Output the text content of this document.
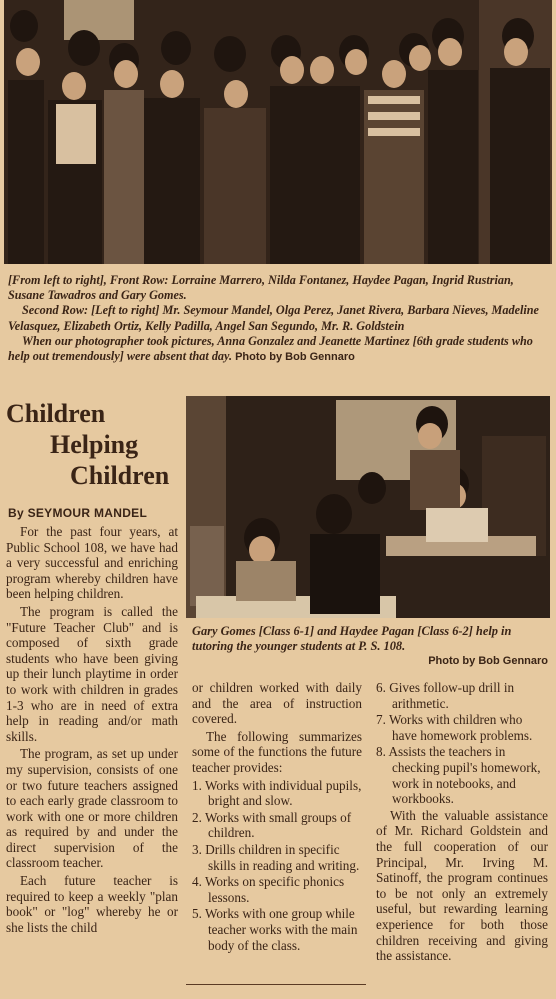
[From left to right], Front Row: Lorraine Marrero, Nilda Fontanez, Haydee Pagan, Ingrid Rustrian, Susane Tawadros and Gary Gomes.

Second Row: [Left to right] Mr. Seymour Mandel, Olga Perez, Janet Rivera, Barbara Nieves, Madeline Velasquez, Elizabeth Ortiz, Kelly Padilla, Angel San Segundo, Mr. R. Goldstein

When our photographer took pictures, Anna Gonzalez and Jeanette Martinez [6th grade students who help out tremendously] were absent that day. Photo by Bob Gennaro

Children
Helping
Children
By SEYMOUR MANDEL
Gary Gomes [Class 6-1] and Haydee Pagan [Class 6-2] help in tutoring the younger students at P. S. 108.
Photo by Bob Gennaro

For the past four years, at Public School 108, we have had a very successful and enriching program whereby children have been helping children.

The program is called the "Future Teacher Club" and is composed of sixth grade students who have been giving up their lunch playtime in order to work with children in grades 1-3 who are in need of extra help in reading and/or math skills.

The program, as set up under my supervision, consists of one or two future teachers assigned to each early grade classroom to work with one or more children as required by and under the direct supervision of the classroom teacher.

Each future teacher is required to keep a weekly "plan book" or "log" whereby he or she lists the child

or children worked with daily and the area of instruction covered.

The following summarizes some of the functions the future teacher provides:

1. Works with individual pupils, bright and slow.
2. Works with small groups of children.
3. Drills children in specific skills in reading and writing.
4. Works on specific phonics lessons.
5. Works with one group while teacher works with the main body of the class.
6. Gives follow-up drill in arithmetic.
7. Works with children who have homework problems.
8. Assists the teachers in checking pupil's homework, work in notebooks, and workbooks.

With the valuable assistance of Mr. Richard Goldstein and the full cooperation of our Principal, Mr. Irving M. Satinoff, the program continues to be not only an extremely useful, but rewarding learning experience for both those children receiving and giving the assistance.
